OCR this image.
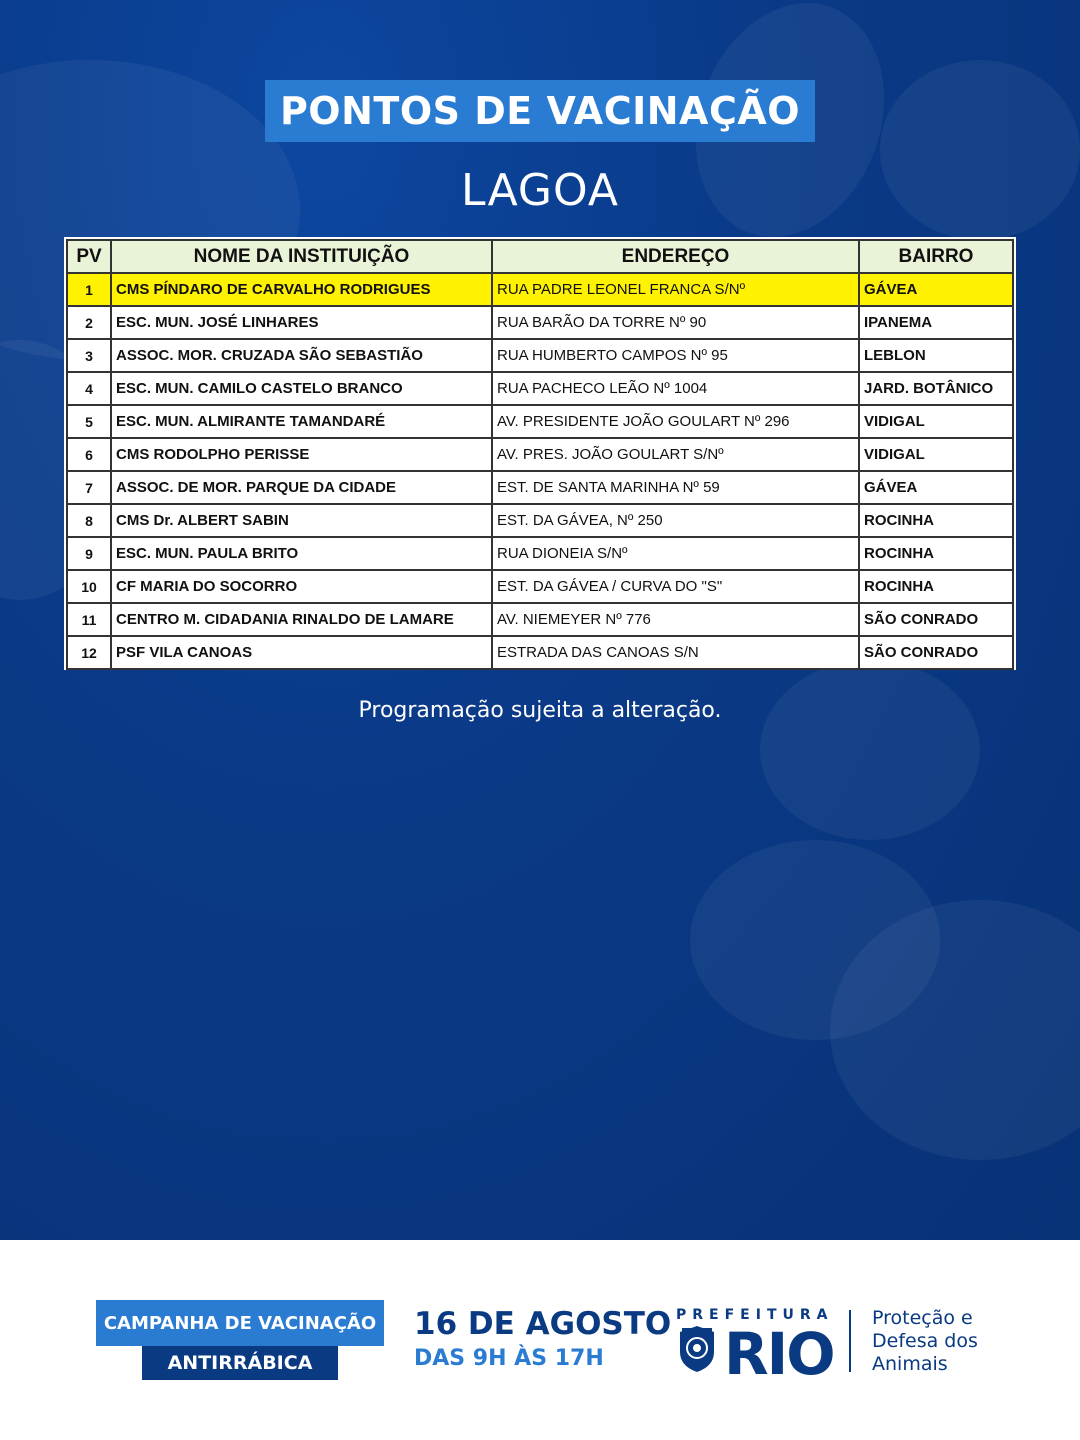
PONTOS DE VACINAÇÃO
LAGOA
PV	NOME DA INSTITUIÇÃO	ENDEREÇO	BAIRRO
1	CMS PÍNDARO DE CARVALHO RODRIGUES	RUA PADRE LEONEL FRANCA S/Nº	GÁVEA
2	ESC. MUN. JOSÉ LINHARES	RUA BARÃO DA TORRE Nº 90	IPANEMA
3	ASSOC. MOR. CRUZADA SÃO SEBASTIÃO	RUA HUMBERTO CAMPOS Nº 95	LEBLON
4	ESC. MUN. CAMILO CASTELO BRANCO	RUA PACHECO LEÃO Nº 1004	JARD. BOTÂNICO
5	ESC. MUN. ALMIRANTE TAMANDARÉ	AV. PRESIDENTE JOÃO GOULART Nº 296	VIDIGAL
6	CMS RODOLPHO PERISSE	AV. PRES. JOÃO GOULART S/Nº	VIDIGAL
7	ASSOC. DE MOR. PARQUE DA CIDADE	EST. DE SANTA MARINHA Nº 59	GÁVEA
8	CMS Dr. ALBERT SABIN	EST. DA GÁVEA, Nº 250	ROCINHA
9	ESC. MUN. PAULA BRITO	RUA DIONEIA S/Nº	ROCINHA
10	CF MARIA DO SOCORRO	EST. DA GÁVEA / CURVA DO "S"	ROCINHA
11	CENTRO M. CIDADANIA RINALDO DE LAMARE	AV. NIEMEYER Nº 776	SÃO CONRADO
12	PSF VILA CANOAS	ESTRADA DAS CANOAS S/N	SÃO CONRADO
Programação sujeita a alteração.
CAMPANHA DE VACINAÇÃO
ANTIRRÁBICA
16 DE AGOSTO
DAS 9H ÀS 17H
PREFEITURA
RIO
Proteção e
Defesa dos
Animais
